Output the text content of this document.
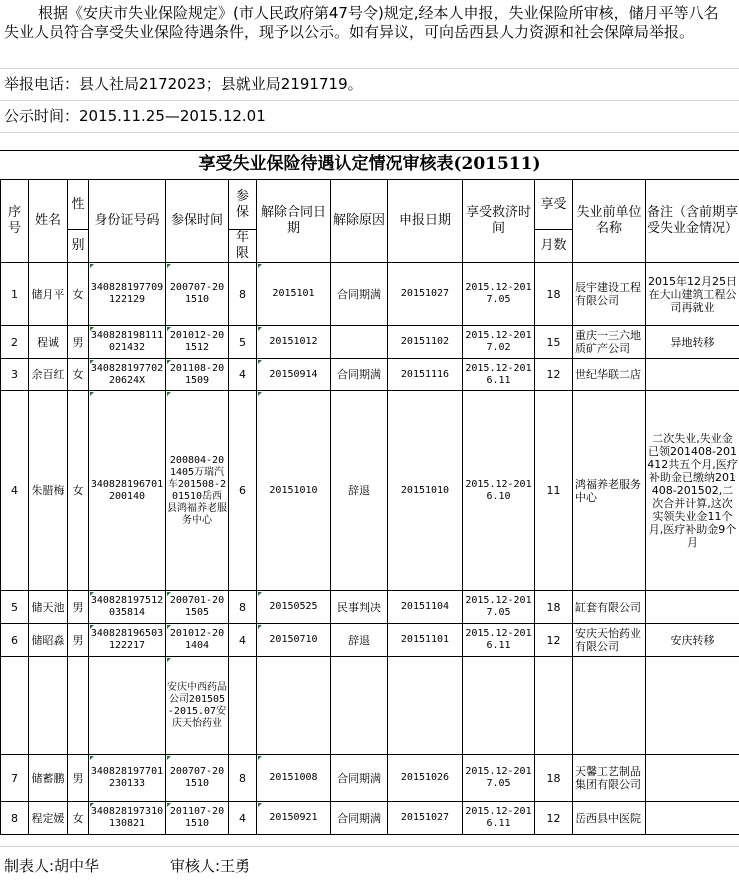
根据《安庆市失业保险规定》(市人民政府第47号令)规定,经本人申报，失业保险所审核，储月平等八名失业人员符合享受失业保险待遇条件，现予以公示。如有异议，可向岳西县人力资源和社会保障局举报。
举报电话：县人社局2172023；县就业局2191719。
公示时间：2015.11.25—2015.12.01
享受失业保险待遇认定情况审核表(201511)
序号	姓名	性	身份证号码	参保时间	参保	解除合同日期	解除原因	申报日期	享受救济时间	享受	失业前单位名称	备注（含前期享受失业金情况）
		别			年限					月数		
1	储月平	女	340828197709122129	200707-201510	8	2015101	合同期满	20151027	2015.12-2017.05	18	辰宇建设工程有限公司	2015年12月25日在大山建筑工程公司再就业
2	程诚	男	340828198111021432	201012-201512	5	20151012		20151102	2015.12-2017.02	15	重庆一三六地质矿产公司	异地转移
3	余百红	女	34082819770220624X	201108-201509	4	20150914	合同期满	20151116	2015.12-2016.11	12	世纪华联二店	
4	朱腊梅	女	340828196701200140	200804-201405万瑞汽车201508-201510岳西县鸿福养老服务中心	6	20151010	辞退	20151010	2015.12-2016.10	11	鸿福养老服务中心	二次失业,失业金已领201408-201412共五个月,医疗补助金已缴纳201408-201502,二次合并计算,这次实领失业金11个月,医疗补助金9个月
5	储天池	男	340828197512035814	200701-201505	8	20150525	民事判决	20151104	2015.12-2017.05	18	缸套有限公司	
6	储昭淼	男	340828196503122217	201012-201404	4	20150710	辞退	20151101	2015.12-2016.11	12	安庆天怡药业有限公司	安庆转移
				安庆中西药品公司201505-2015.07安庆天怡药业								
7	储蓄鹏	男	340828197701230133	200707-201510	8	20151008	合同期满	20151026	2015.12-2017.05	18	天馨工艺制品集团有限公司	
8	程定媛	女	340828197310130821	201107-201510	4	20150921	合同期满	20151027	2015.12-2016.11	12	岳西县中医院	
制表人:胡中华	审核人:王勇
